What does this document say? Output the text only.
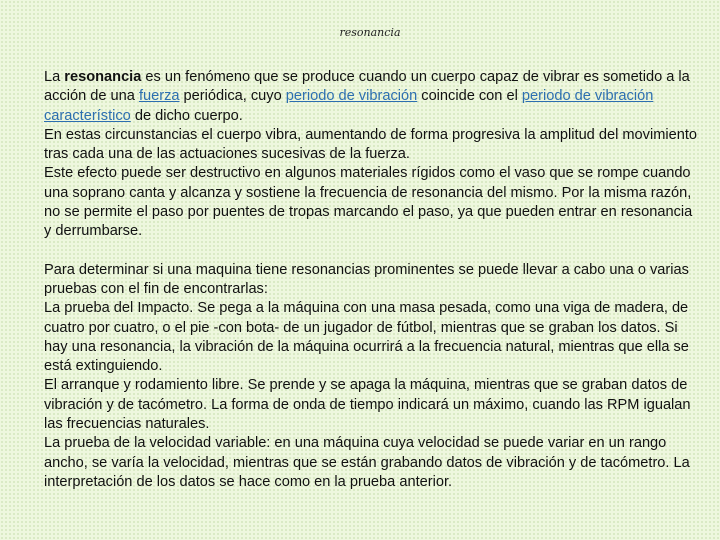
resonancia

La resonancia es un fenómeno que se produce cuando un cuerpo capaz de vibrar es sometido a la acción de una fuerza periódica, cuyo periodo de vibración coincide con el periodo de vibración característico de dicho cuerpo.

En estas circunstancias el cuerpo vibra, aumentando de forma progresiva la amplitud del movimiento tras cada una de las actuaciones sucesivas de la fuerza.

Este efecto puede ser destructivo en algunos materiales rígidos como el vaso que se rompe cuando una soprano canta y alcanza y sostiene la frecuencia de resonancia del mismo. Por la misma razón, no se permite el paso por puentes de tropas marcando el paso, ya que pueden entrar en resonancia y derrumbarse.

Para determinar si una maquina tiene resonancias prominentes se puede llevar a cabo una o varias pruebas con el fin de encontrarlas:

La prueba del Impacto. Se pega a la máquina con una masa pesada, como una viga de madera, de cuatro por cuatro, o el pie -con bota- de un jugador de fútbol, mientras que se graban los datos. Si hay una resonancia, la vibración de la máquina ocurrirá a la frecuencia natural, mientras que ella se está extinguiendo.

El arranque y rodamiento libre. Se prende y se apaga la máquina, mientras que se graban datos de vibración y de tacómetro. La forma de onda de tiempo indicará un máximo, cuando las RPM igualan las frecuencias naturales.

La prueba de la velocidad variable: en una máquina cuya velocidad se puede variar en un rango ancho, se varía la velocidad, mientras que se están grabando datos de vibración y de tacómetro. La interpretación de los datos se hace como en la prueba anterior.
